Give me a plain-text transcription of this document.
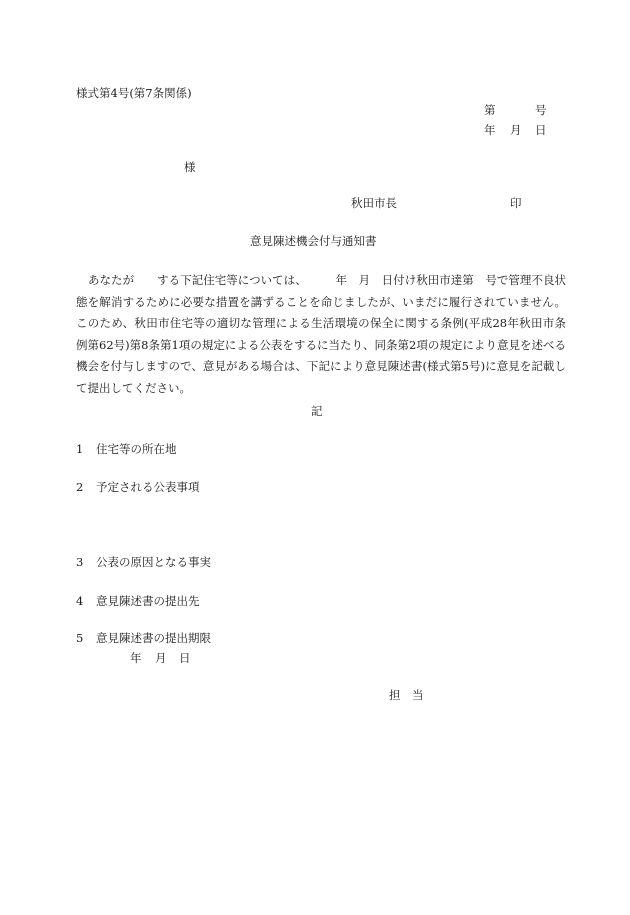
様式第4号(第7条関係)
第	号
年 月 日
様
秋田市長	印
意見陳述機会付与通知書
あなたが　　する下記住宅等については、　　　年　月　日付け秋田市達第　号で管理不良状態を解消するために必要な措置を講ずることを命じましたが、いまだに履行されていません。このため、秋田市住宅等の適切な管理による生活環境の保全に関する条例(平成28年秋田市条例第62号)第8条第1項の規定による公表をするに当たり、同条第2項の規定により意見を述べる機会を付与しますので、意見がある場合は、下記により意見陳述書(様式第5号)に意見を記載して提出してください。
記
1 住宅等の所在地
2 予定される公表事項
3 公表の原因となる事実
4 意見陳述書の提出先
5 意見陳述書の提出期限
年 月 日
担　当
